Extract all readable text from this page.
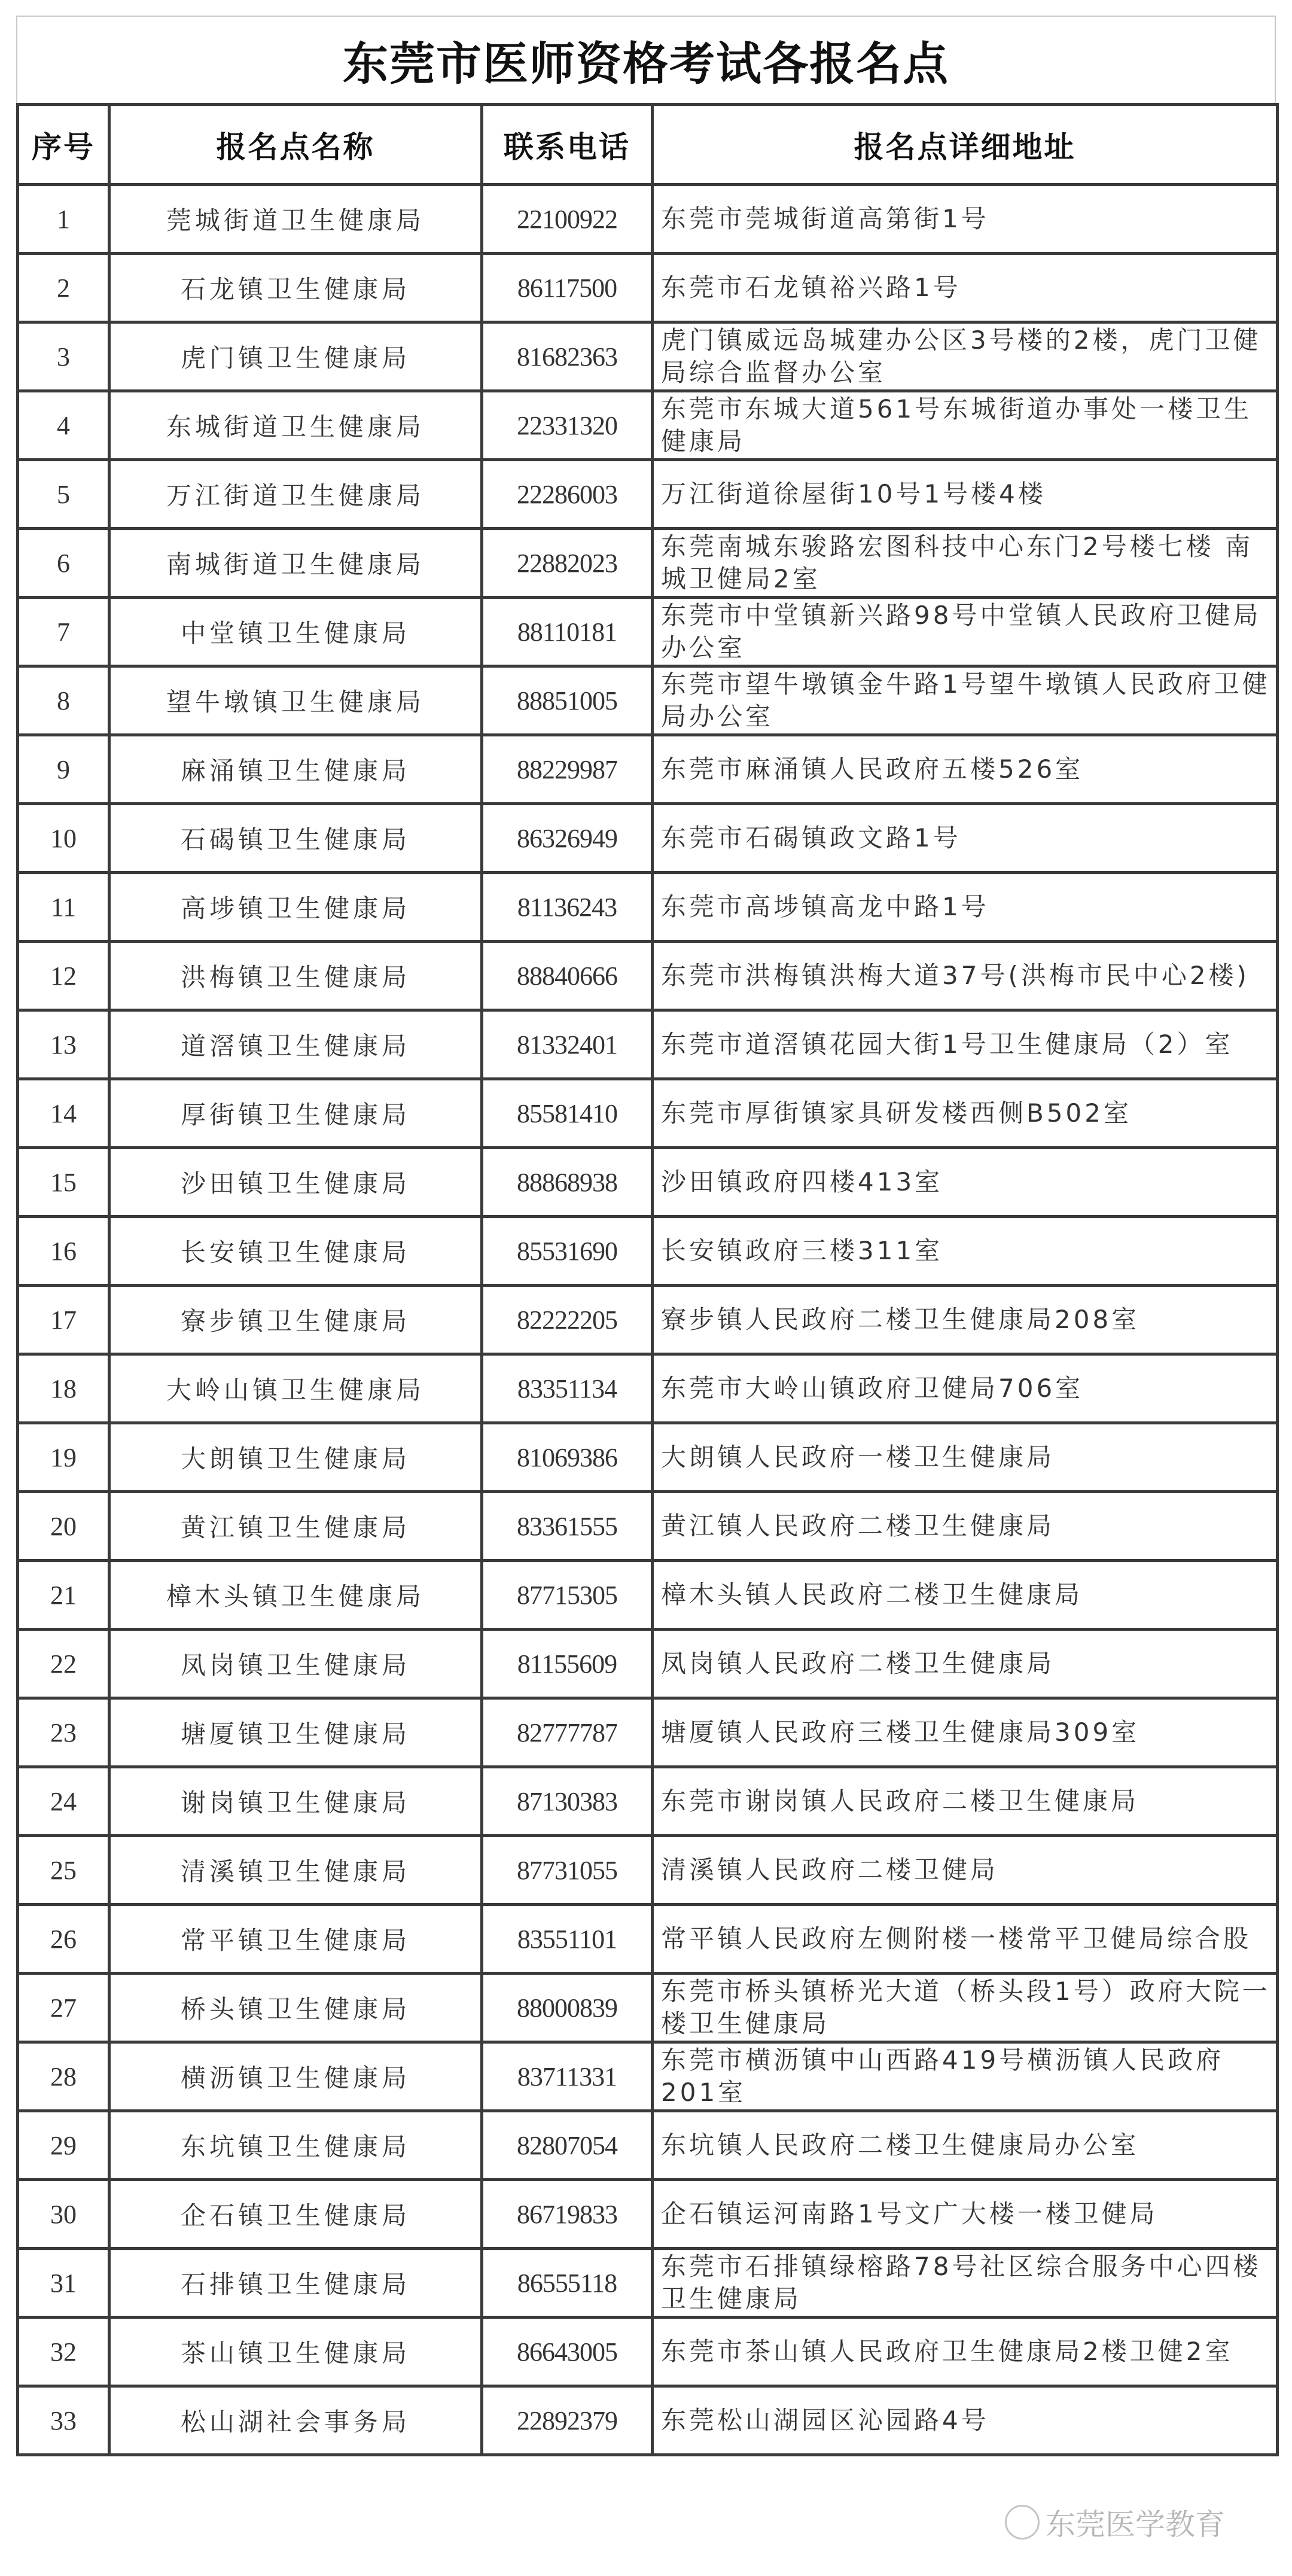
东莞市医师资格考试各报名点
序号	报名点名称	联系电话	报名点详细地址
1	莞城街道卫生健康局	22100922	东莞市莞城街道高第街1号
2	石龙镇卫生健康局	86117500	东莞市石龙镇裕兴路1号
3	虎门镇卫生健康局	81682363	虎门镇威远岛城建办公区3号楼的2楼，虎门卫健局综合监督办公室
4	东城街道卫生健康局	22331320	东莞市东城大道561号东城街道办事处一楼卫生健康局
5	万江街道卫生健康局	22286003	万江街道徐屋街10号1号楼4楼
6	南城街道卫生健康局	22882023	东莞南城东骏路宏图科技中心东门2号楼七楼 南城卫健局2室
7	中堂镇卫生健康局	88110181	东莞市中堂镇新兴路98号中堂镇人民政府卫健局办公室
8	望牛墩镇卫生健康局	88851005	东莞市望牛墩镇金牛路1号望牛墩镇人民政府卫健局办公室
9	麻涌镇卫生健康局	88229987	东莞市麻涌镇人民政府五楼526室
10	石碣镇卫生健康局	86326949	东莞市石碣镇政文路1号
11	高埗镇卫生健康局	81136243	东莞市高埗镇高龙中路1号
12	洪梅镇卫生健康局	88840666	东莞市洪梅镇洪梅大道37号(洪梅市民中心2楼)
13	道滘镇卫生健康局	81332401	东莞市道滘镇花园大街1号卫生健康局（2）室
14	厚街镇卫生健康局	85581410	东莞市厚街镇家具研发楼西侧B502室
15	沙田镇卫生健康局	88868938	沙田镇政府四楼413室
16	长安镇卫生健康局	85531690	长安镇政府三楼311室
17	寮步镇卫生健康局	82222205	寮步镇人民政府二楼卫生健康局208室
18	大岭山镇卫生健康局	83351134	东莞市大岭山镇政府卫健局706室
19	大朗镇卫生健康局	81069386	大朗镇人民政府一楼卫生健康局
20	黄江镇卫生健康局	83361555	黄江镇人民政府二楼卫生健康局
21	樟木头镇卫生健康局	87715305	樟木头镇人民政府二楼卫生健康局
22	凤岗镇卫生健康局	81155609	凤岗镇人民政府二楼卫生健康局
23	塘厦镇卫生健康局	82777787	塘厦镇人民政府三楼卫生健康局309室
24	谢岗镇卫生健康局	87130383	东莞市谢岗镇人民政府二楼卫生健康局
25	清溪镇卫生健康局	87731055	清溪镇人民政府二楼卫健局
26	常平镇卫生健康局	83551101	常平镇人民政府左侧附楼一楼常平卫健局综合股
27	桥头镇卫生健康局	88000839	东莞市桥头镇桥光大道（桥头段1号）政府大院一楼卫生健康局
28	横沥镇卫生健康局	83711331	东莞市横沥镇中山西路419号横沥镇人民政府201室
29	东坑镇卫生健康局	82807054	东坑镇人民政府二楼卫生健康局办公室
30	企石镇卫生健康局	86719833	企石镇运河南路1号文广大楼一楼卫健局
31	石排镇卫生健康局	86555118	东莞市石排镇绿榕路78号社区综合服务中心四楼卫生健康局
32	茶山镇卫生健康局	86643005	东莞市茶山镇人民政府卫生健康局2楼卫健2室
33	松山湖社会事务局	22892379	东莞松山湖园区沁园路4号
东莞医学教育
